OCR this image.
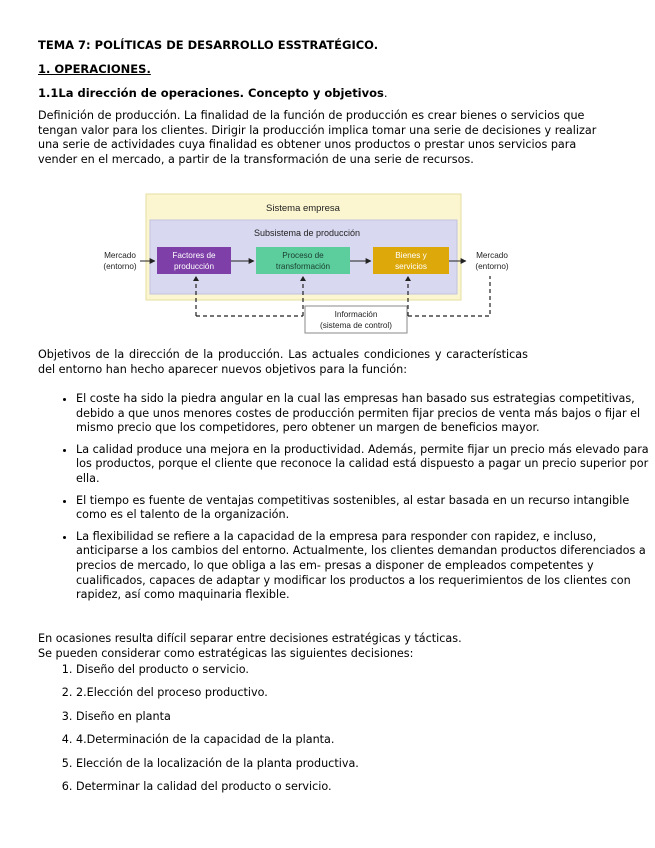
TEMA 7: POLÍTICAS DE DESARROLLO ESSTRATÉGICO.
1. OPERACIONES.
1.1La dirección de operaciones. Concepto y objetivos.

Definición de producción. La finalidad de la función de producción es crear bienes o servicios que tengan valor para los clientes. Dirigir la producción implica tomar una serie de decisiones y realizar una serie de actividades cuya finalidad es obtener unos productos o prestar unos servicios para vender en el mercado, a partir de la transformación de una serie de recursos.

Sistema empresa
Subsistema de producción
Factores de
producción
Proceso de
transformación
Bienes y
servicios
Mercado
(entorno)
Mercado
(entorno)
Información
(sistema de control)

Objetivos de la dirección de la producción. Las actuales condiciones y características del entorno han hecho aparecer nuevos objetivos para la función:

• El coste ha sido la piedra angular en la cual las empresas han basado sus estrategias competitivas, debido a que unos menores costes de producción permiten fijar precios de venta más bajos o fijar el mismo precio que los competidores, pero obtener un margen de beneficios mayor.
• La calidad produce una mejora en la productividad. Además, permite fijar un precio más elevado para los productos, porque el cliente que reconoce la calidad está dispuesto a pagar un precio superior por ella.
• El tiempo es fuente de ventajas competitivas sostenibles, al estar basada en un recurso intangible como es el talento de la organización.
• La flexibilidad se refiere a la capacidad de la empresa para responder con rapidez, e incluso, anticiparse a los cambios del entorno. Actualmente, los clientes demandan productos diferenciados a precios de mercado, lo que obliga a las em- presas a disponer de empleados competentes y cualificados, capaces de adaptar y modificar los productos a los requerimientos de los clientes con rapidez, así como maquinaria flexible.
En ocasiones resulta difícil separar entre decisiones estratégicas y tácticas.
Se pueden considerar como estratégicas las siguientes decisiones:
1. Diseño del producto o servicio.
2. 2.Elección del proceso productivo.
3. Diseño en planta
4. 4.Determinación de la capacidad de la planta.
5. Elección de la localización de la planta productiva.
6. Determinar la calidad del producto o servicio.
